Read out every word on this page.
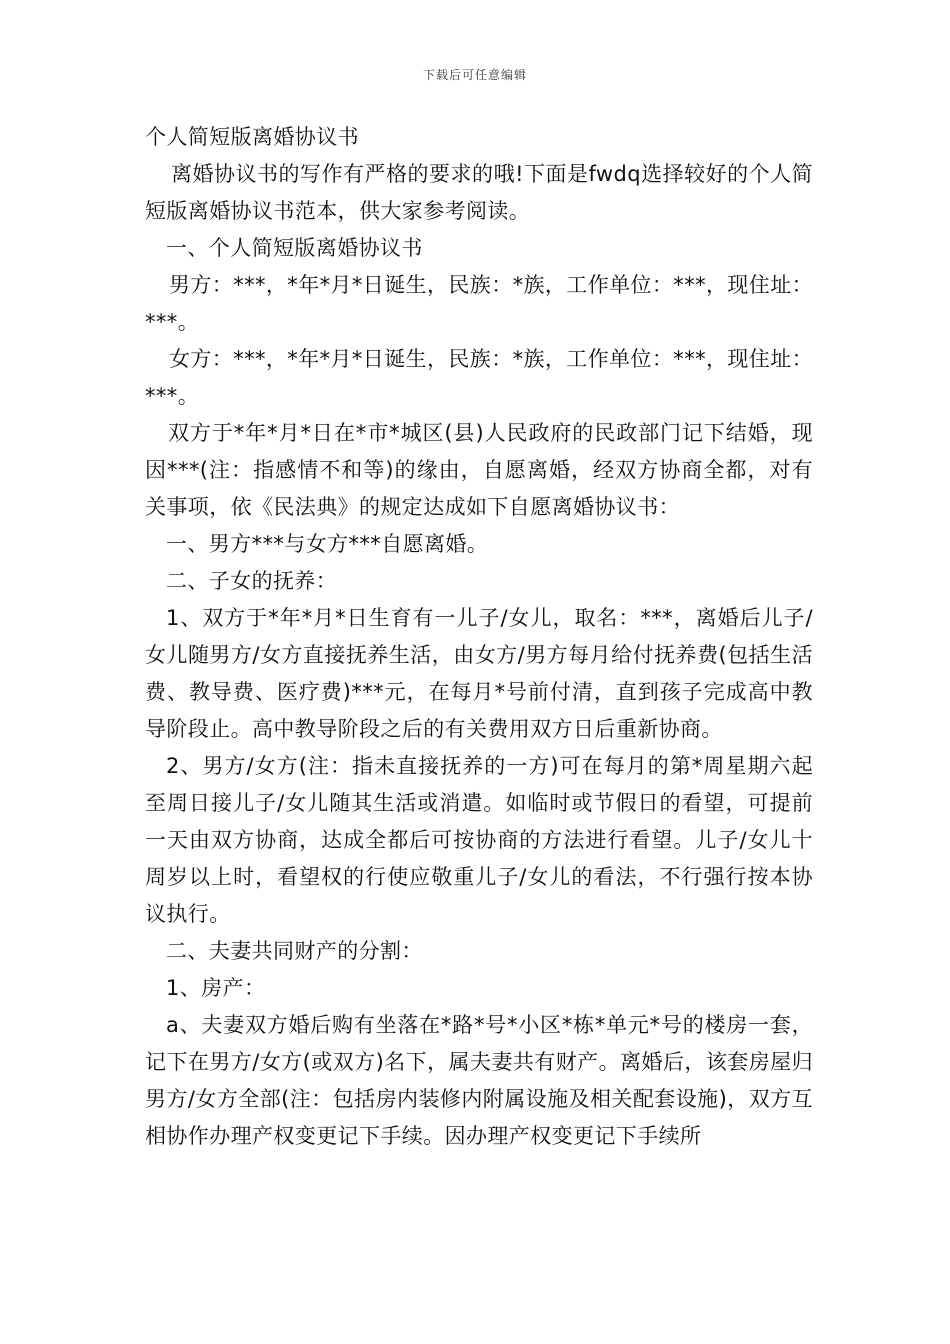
下载后可任意编辑

个人简短版离婚协议书

离婚协议书的写作有严格的要求的哦!下面是fwdq选择较好的个人简短版离婚协议书范本，供大家参考阅读。

一、个人简短版离婚协议书

男方：***，*年*月*日诞生，民族：*族，工作单位：***，现住址：***。

女方：***，*年*月*日诞生，民族：*族，工作单位：***，现住址：***。

双方于*年*月*日在*市*城区(县)人民政府的民政部门记下结婚，现因***(注：指感情不和等)的缘由，自愿离婚，经双方协商全都，对有关事项，依《民法典》的规定达成如下自愿离婚协议书：

一、男方***与女方***自愿离婚。

二、子女的抚养：

1、双方于*年*月*日生育有一儿子/女儿，取名：***，离婚后儿子/女儿随男方/女方直接抚养生活，由女方/男方每月给付抚养费(包括生活费、教导费、医疗费)***元，在每月*号前付清，直到孩子完成高中教导阶段止。高中教导阶段之后的有关费用双方日后重新协商。

2、男方/女方(注：指未直接抚养的一方)可在每月的第*周星期六起至周日接儿子/女儿随其生活或消遣。如临时或节假日的看望，可提前一天由双方协商，达成全都后可按协商的方法进行看望。儿子/女儿十周岁以上时，看望权的行使应敬重儿子/女儿的看法，不行强行按本协议执行。

二、夫妻共同财产的分割：

1、房产：

a、夫妻双方婚后购有坐落在*路*号*小区*栋*单元*号的楼房一套，记下在男方/女方(或双方)名下，属夫妻共有财产。离婚后，该套房屋归男方/女方全部(注：包括房内装修内附属设施及相关配套设施)，双方互相协作办理产权变更记下手续。因办理产权变更记下手续所
